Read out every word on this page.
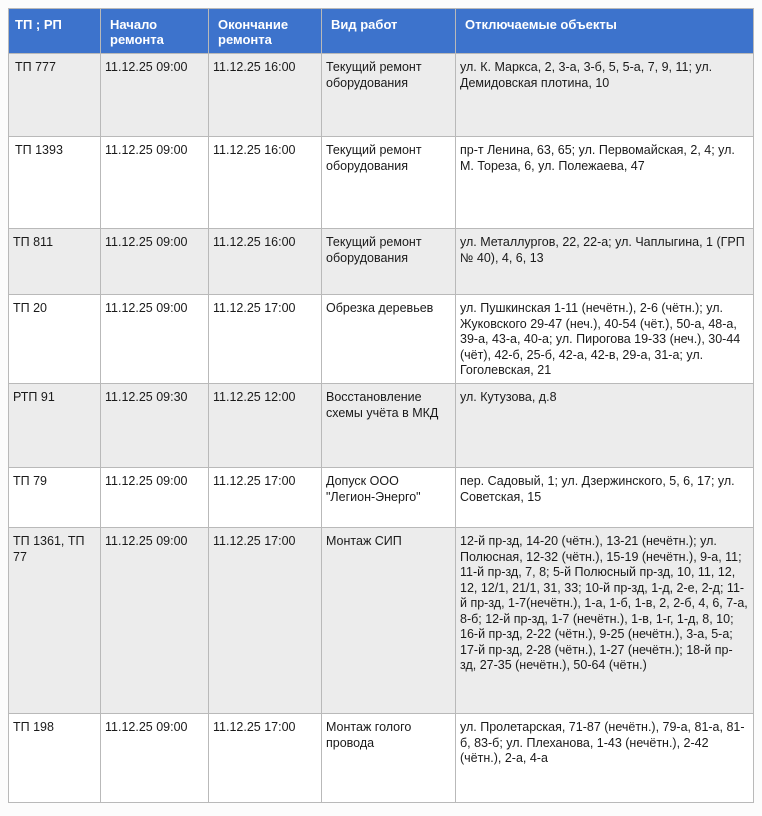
ТП ; РП	Начало ремонта	Окончание ремонта	Вид работ	Отключаемые объекты
ТП 777	11.12.25 09:00	11.12.25 16:00	Текущий ремонт оборудования	ул. К. Маркса, 2, 3-а, 3-б, 5, 5-а, 7, 9, 11; ул. Демидовская плотина, 10
ТП 1393	11.12.25 09:00	11.12.25 16:00	Текущий ремонт оборудования	пр-т Ленина, 63, 65; ул. Первомайская, 2, 4; ул. М. Тореза, 6, ул. Полежаева, 47
ТП 811	11.12.25 09:00	11.12.25 16:00	Текущий ремонт оборудования	ул. Металлургов, 22, 22-а; ул. Чаплыгина, 1 (ГРП № 40), 4, 6, 13
ТП 20	11.12.25 09:00	11.12.25 17:00	Обрезка деревьев	ул. Пушкинская 1-11 (нечётн.), 2-6 (чётн.); ул. Жуковского 29-47 (неч.), 40-54 (чёт.), 50-а, 48-а, 39-а, 43-а, 40-а; ул. Пирогова 19-33 (неч.), 30-44 (чёт), 42-б, 25-б, 42-а, 42-в, 29-а, 31-а; ул. Гоголевская, 21
РТП 91	11.12.25 09:30	11.12.25 12:00	Восстановление схемы учёта в МКД	ул. Кутузова, д.8
ТП 79	11.12.25 09:00	11.12.25 17:00	Допуск ООО "Легион-Энерго"	пер. Садовый, 1; ул. Дзержинского, 5, 6, 17; ул. Советская, 15
ТП 1361, ТП 77	11.12.25 09:00	11.12.25 17:00	Монтаж СИП	12-й пр-зд, 14-20 (чётн.), 13-21 (нечётн.); ул. Полюсная, 12-32 (чётн.), 15-19 (нечётн.), 9-а, 11; 11-й пр-зд, 7, 8; 5-й Полюсный пр-зд, 10, 11, 12, 12, 12/1, 21/1, 31, 33; 10-й пр-зд, 1-д, 2-е, 2-д; 11-й пр-зд, 1-7(нечётн.), 1-а, 1-б, 1-в, 2, 2-б, 4, 6, 7-а, 8-б; 12-й пр-зд, 1-7 (нечётн.), 1-в, 1-г, 1-д, 8, 10; 16-й пр-зд, 2-22 (чётн.), 9-25 (нечётн.), 3-а, 5-а; 17-й пр-зд, 2-28 (чётн.), 1-27 (нечётн.); 18-й пр-зд, 27-35 (нечётн.), 50-64 (чётн.)
ТП 198	11.12.25 09:00	11.12.25 17:00	Монтаж голого провода	ул. Пролетарская, 71-87 (нечётн.), 79-а, 81-а, 81-б, 83-б; ул. Плеханова, 1-43 (нечётн.), 2-42 (чётн.), 2-а, 4-а
